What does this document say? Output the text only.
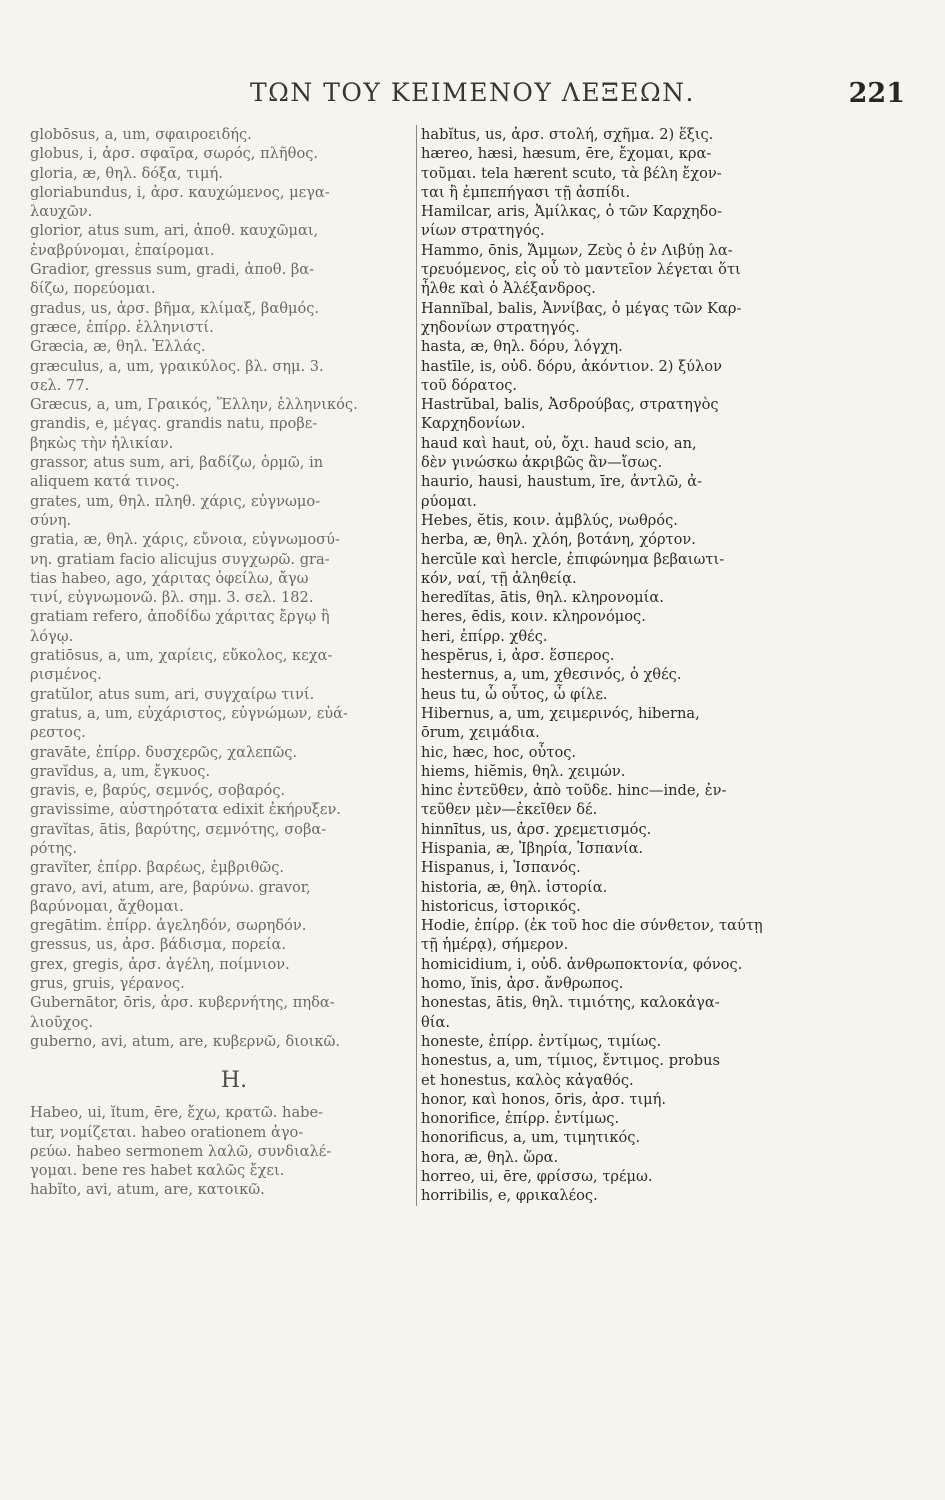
ΤΩΝ ΤΟΥ ΚΕΙΜΕΝΟΥ ΛΕΞΕΩΝ.	221
globōsus, a, um, σφαιροειδής.
globus, i, ἀρσ. σφαῖρα, σωρός, πλῆθος.
gloria, æ, θηλ. δόξα, τιμή.
gloriabundus, i, ἀρσ. καυχώμενος, μεγα-
λαυχῶν.
glorior, atus sum, ari, ἀποθ. καυχῶμαι,
ἐναβρύνομαι, ἐπαίρομαι.
Gradior, gressus sum, gradi, ἀποθ. βα-
δίζω, πορεύομαι.
gradus, us, ἀρσ. βῆμα, κλίμαξ, βαθμός.
græce, ἐπίρρ. ἑλληνιστί.
Græcia, æ, θηλ. Ἑλλάς.
græculus, a, um, γραικύλος. βλ. σημ. 3.
σελ. 77.
Græcus, a, um, Γραικός, Ἕλλην, ἑλληνικός.
grandis, e, μέγας. grandis natu, προβε-
βηκὼς τὴν ἡλικίαν.
grassor, atus sum, ari, βαδίζω, ὁρμῶ, in
aliquem κατά τινος.
grates, um, θηλ. πληθ. χάρις, εὐγνωμο-
σύνη.
gratia, æ, θηλ. χάρις, εὔνοια, εὐγνωμοσύ-
νη. gratiam facio alicujus συγχωρῶ. gra-
tias habeo, ago, χάριτας ὀφείλω, ἄγω
τινί, εὐγνωμονῶ. βλ. σημ. 3. σελ. 182.
gratiam refero, ἀποδίδω χάριτας ἔργῳ ἢ
λόγῳ.
gratiōsus, a, um, χαρίεις, εὔκολος, κεχα-
ρισμένος.
gratŭlor, atus sum, ari, συγχαίρω τινί.
gratus, a, um, εὐχάριστος, εὐγνώμων, εὐά-
ρεστος.
gravāte, ἐπίρρ. δυσχερῶς, χαλεπῶς.
gravĭdus, a, um, ἔγκυος.
gravis, e, βαρύς, σεμνός, σοβαρός.
gravissime, αὐστηρότατα edixit ἐκήρυξεν.
gravĭtas, ātis, βαρύτης, σεμνότης, σοβα-
ρότης.
gravĭter, ἐπίρρ. βαρέως, ἐμβριθῶς.
gravo, avi, atum, are, βαρύνω. gravor,
βαρύνομαι, ἄχθομαι.
gregātim. ἐπίρρ. ἀγεληδόν, σωρηδόν.
gressus, us, ἀρσ. βάδισμα, πορεία.
grex, gregis, ἀρσ. ἀγέλη, ποίμνιον.
grus, gruis, γέρανος.
Gubernātor, ōris, ἀρσ. κυβερνήτης, πηδα-
λιοῦχος.
guberno, avi, atum, are, κυβερνῶ, διοικῶ.
H.
Habeo, ui, ĭtum, ēre, ἔχω, κρατῶ. habe-
tur, νομίζεται. habeo orationem ἀγο-
ρεύω. habeo sermonem λαλῶ, συνδιαλέ-
γομαι. bene res habet καλῶς ἔχει.
habĭto, avi, atum, are, κατοικῶ.
habĭtus, us, ἀρσ. στολή, σχῆμα. 2) ἕξις.
hæreo, hæsi, hæsum, ēre, ἔχομαι, κρα-
τοῦμαι. tela hærent scuto, τὰ βέλη ἔχον-
ται ἢ ἐμπεπήγασι τῇ ἀσπίδι.
Hamilcar, aris, Ἀμίλκας, ὁ τῶν Καρχηδο-
νίων στρατηγός.
Hammo, ōnis, Ἄμμων, Ζεὺς ὁ ἐν Λιβύῃ λα-
τρευόμενος, εἰς οὗ τὸ μαντεῖον λέγεται ὅτι
ἦλθε καὶ ὁ Ἀλέξανδρος.
Hannĭbal, balis, Ἀννίβας, ὁ μέγας τῶν Καρ-
χηδονίων στρατηγός.
hasta, æ, θηλ. δόρυ, λόγχη.
hastīle, is, οὐδ. δόρυ, ἀκόντιον. 2) ξύλον
τοῦ δόρατος.
Hastrŭbal, balis, Ἀσδρούβας, στρατηγὸς
Καρχηδονίων.
haud καὶ haut, οὐ, ὄχι. haud scio, an,
δὲν γινώσκω ἀκριβῶς ἂν—ἴσως.
haurio, hausi, haustum, īre, ἀντλῶ, ἀ-
ρύομαι.
Hebes, ĕtis, κοιν. ἀμβλύς, νωθρός.
herba, æ, θηλ. χλόη, βοτάνη, χόρτον.
hercŭle καὶ hercle, ἐπιφώνημα βεβαιωτι-
κόν, ναί, τῇ ἀληθείᾳ.
heredĭtas, ātis, θηλ. κληρονομία.
heres, ēdis, κοιν. κληρονόμος.
heri, ἐπίρρ. χθές.
hespĕrus, i, ἀρσ. ἕσπερος.
hesternus, a, um, χθεσινός, ὁ χθές.
heus tu, ὦ οὗτος, ὦ φίλε.
Hibernus, a, um, χειμερινός, hiberna,
ōrum, χειμάδια.
hic, hæc, hoc, οὗτος.
hiems, hiĕmis, θηλ. χειμών.
hinc ἐντεῦθεν, ἀπὸ τοῦδε. hinc—inde, ἐν-
τεῦθεν μὲν—ἐκεῖθεν δέ.
hinnītus, us, ἀρσ. χρεμετισμός.
Hispania, æ, Ἰβηρία, Ἱσπανία.
Hispanus, i, Ἱσπανός.
historia, æ, θηλ. ἱστορία.
historicus, ἱστορικός.
Hodie, ἐπίρρ. (ἐκ τοῦ hoc die σύνθετον, ταύτῃ
τῇ ἡμέρᾳ), σήμερον.
homicidium, i, οὐδ. ἀνθρωποκτονία, φόνος.
homo, ĭnis, ἀρσ. ἄνθρωπος.
honestas, ātis, θηλ. τιμιότης, καλοκἀγα-
θία.
honeste, ἐπίρρ. ἐντίμως, τιμίως.
honestus, a, um, τίμιος, ἔντιμος. probus
et honestus, καλὸς κἀγαθός.
honor, καὶ honos, ōris, ἀρσ. τιμή.
honorifice, ἐπίρρ. ἐντίμως.
honorificus, a, um, τιμητικός.
hora, æ, θηλ. ὥρα.
horreo, ui, ēre, φρίσσω, τρέμω.
horribilis, e, φρικαλέος.
